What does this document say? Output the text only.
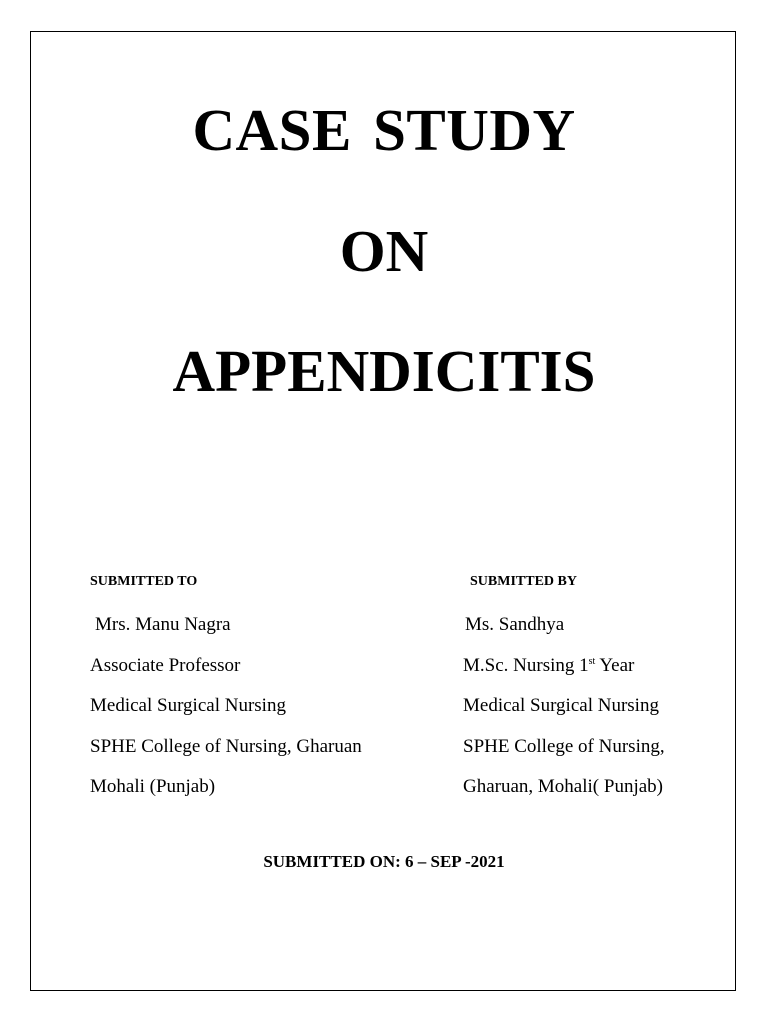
CASE STUDY
ON
APPENDICITIS
SUBMITTED TO
Mrs. Manu Nagra
Associate Professor
Medical Surgical Nursing
SPHE College of Nursing, Gharuan
Mohali (Punjab)
SUBMITTED BY
Ms. Sandhya
M.Sc. Nursing 1st Year
Medical Surgical Nursing
SPHE College of Nursing,
Gharuan, Mohali( Punjab)
SUBMITTED ON: 6 – SEP -2021
